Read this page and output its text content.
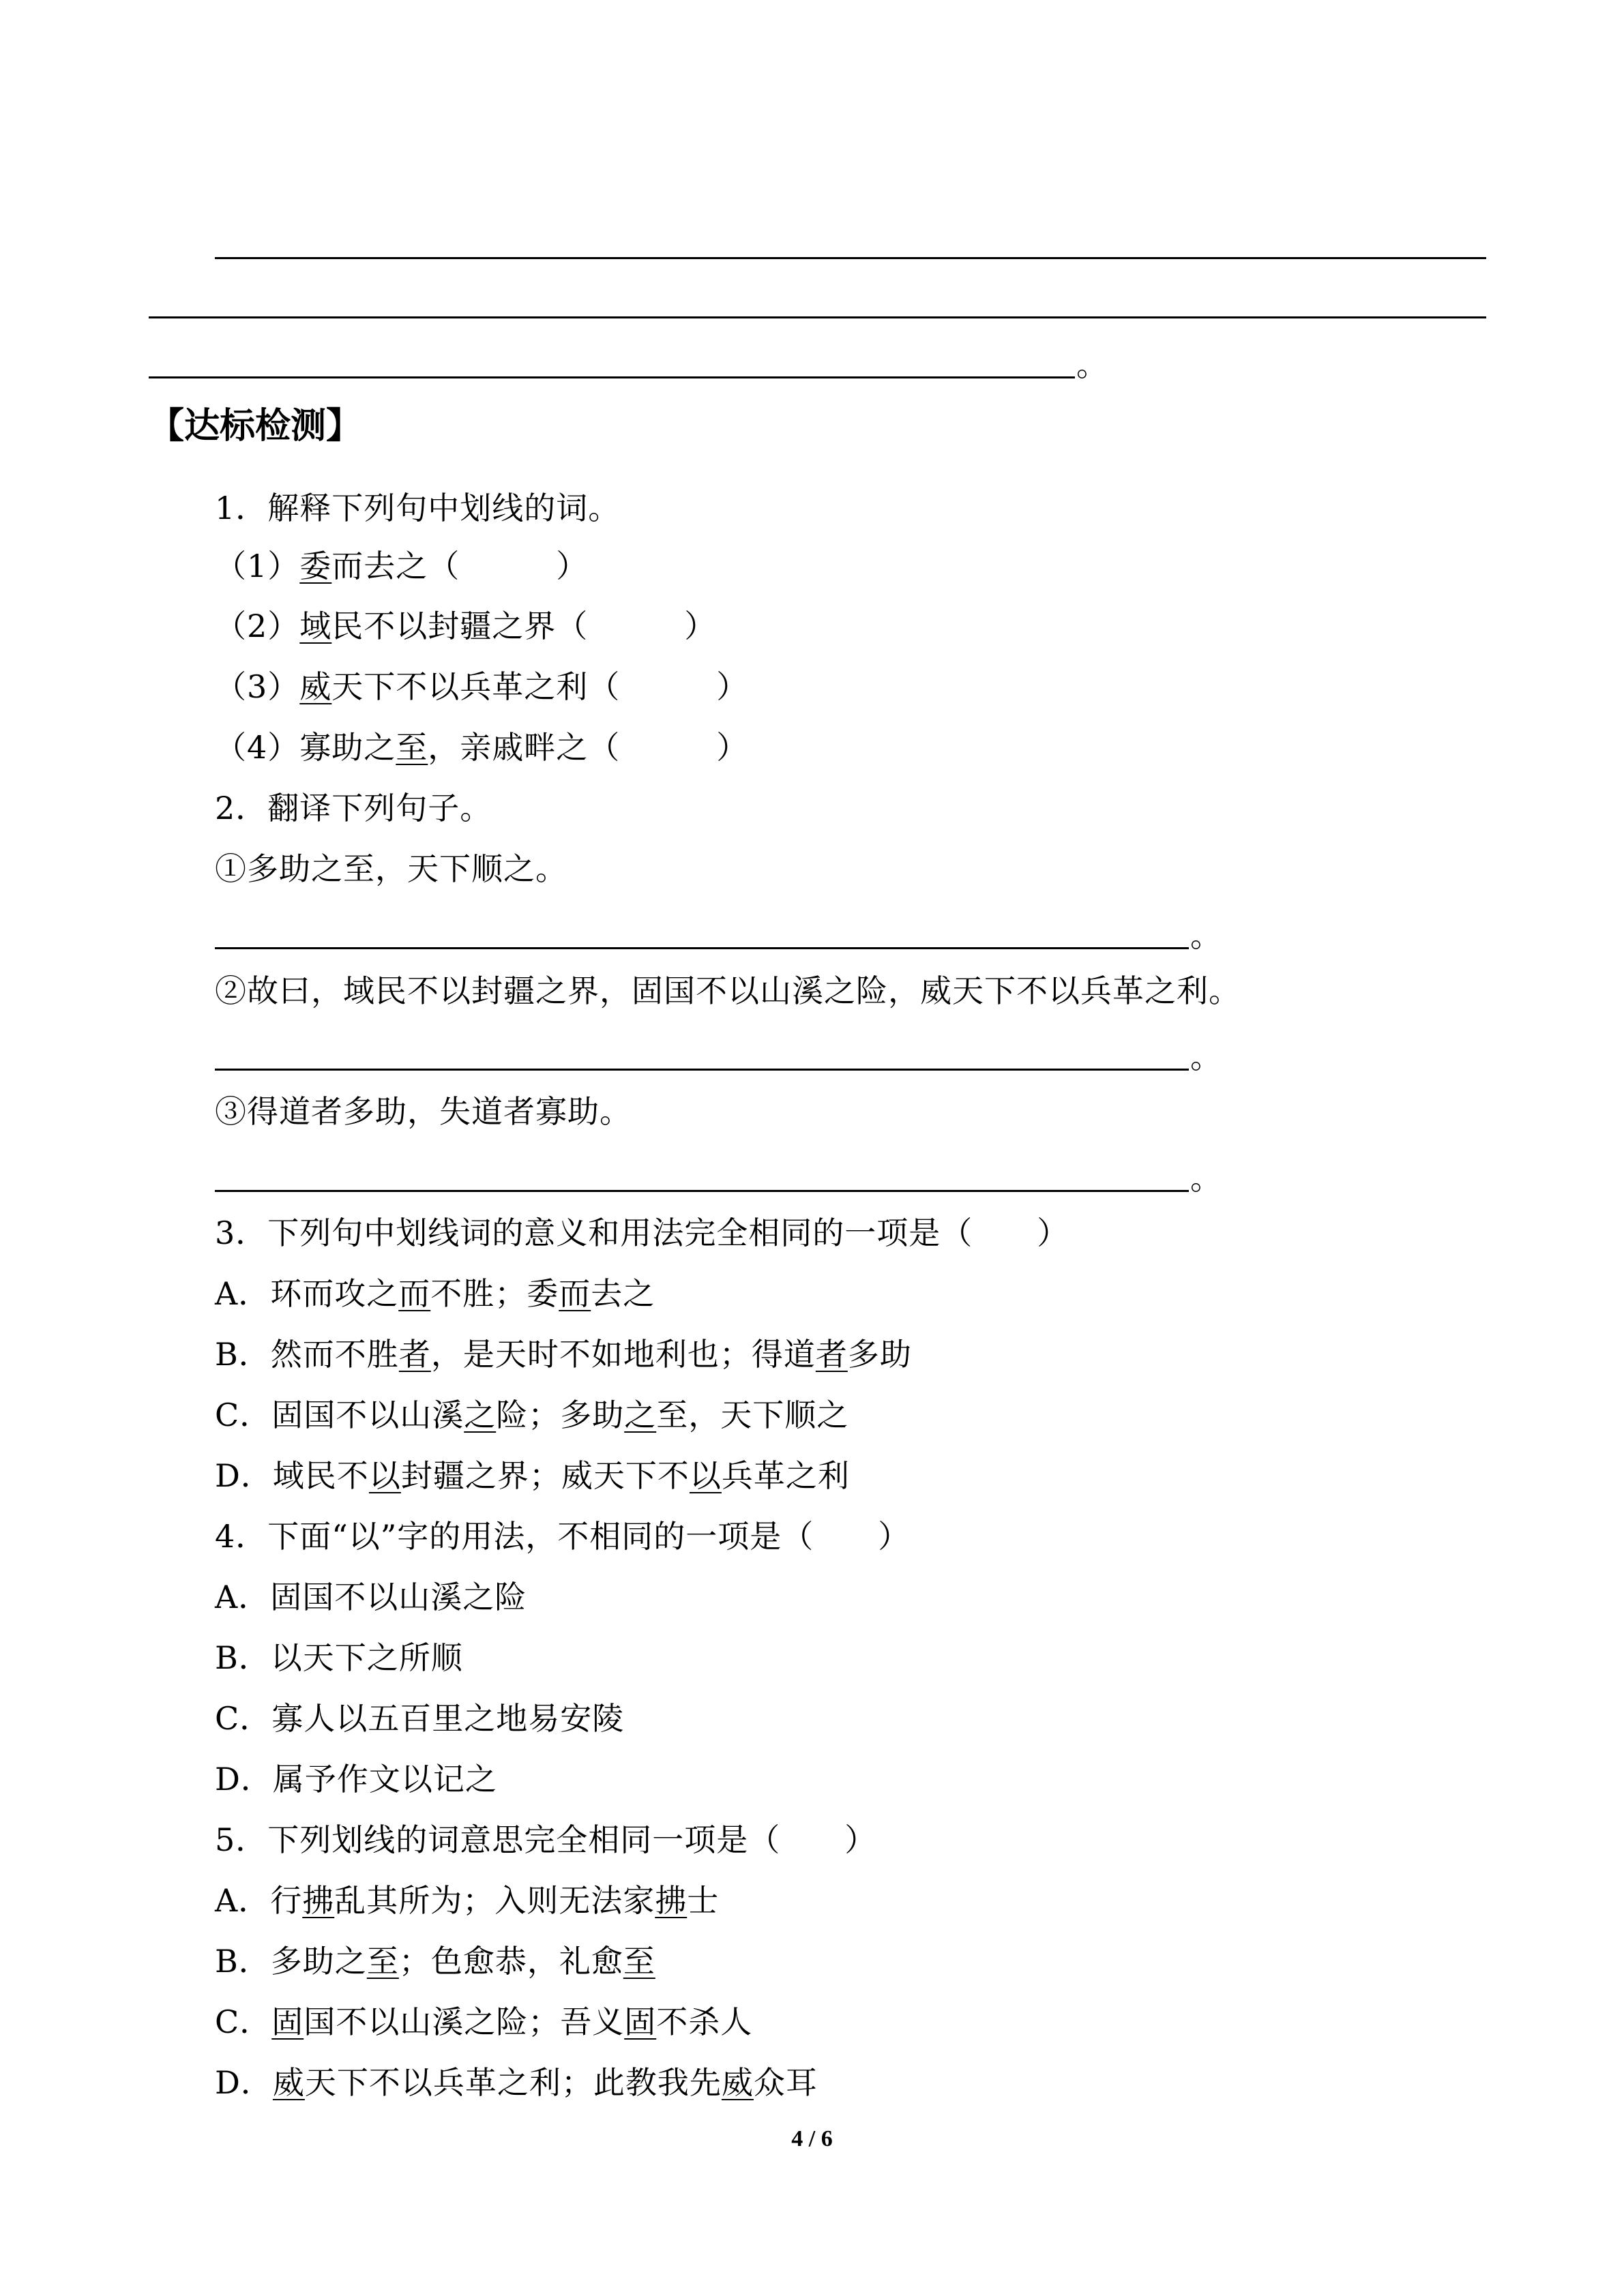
。
【达标检测】
1．解释下列句中划线的词。
（1）委而去之（　　　）
（2）域民不以封疆之界（　　　）
（3）威天下不以兵革之利（　　　）
（4）寡助之至，亲戚畔之（　　　）
2．翻译下列句子。
①多助之至，天下顺之。
。
②故曰，域民不以封疆之界，固国不以山溪之险，威天下不以兵革之利。
。
③得道者多助，失道者寡助。
。
3．下列句中划线词的意义和用法完全相同的一项是（　　）
A．环而攻之而不胜；委而去之
B．然而不胜者，是天时不如地利也；得道者多助
C．固国不以山溪之险；多助之至，天下顺之
D．域民不以封疆之界；威天下不以兵革之利
4．下面“以”字的用法，不相同的一项是（　　）
A．固国不以山溪之险
B．以天下之所顺
C．寡人以五百里之地易安陵
D．属予作文以记之
5．下列划线的词意思完全相同一项是（　　）
A．行拂乱其所为；入则无法家拂士
B．多助之至；色愈恭，礼愈至
C．固国不以山溪之险；吾义固不杀人
D．威天下不以兵革之利；此教我先威众耳
4 / 6
